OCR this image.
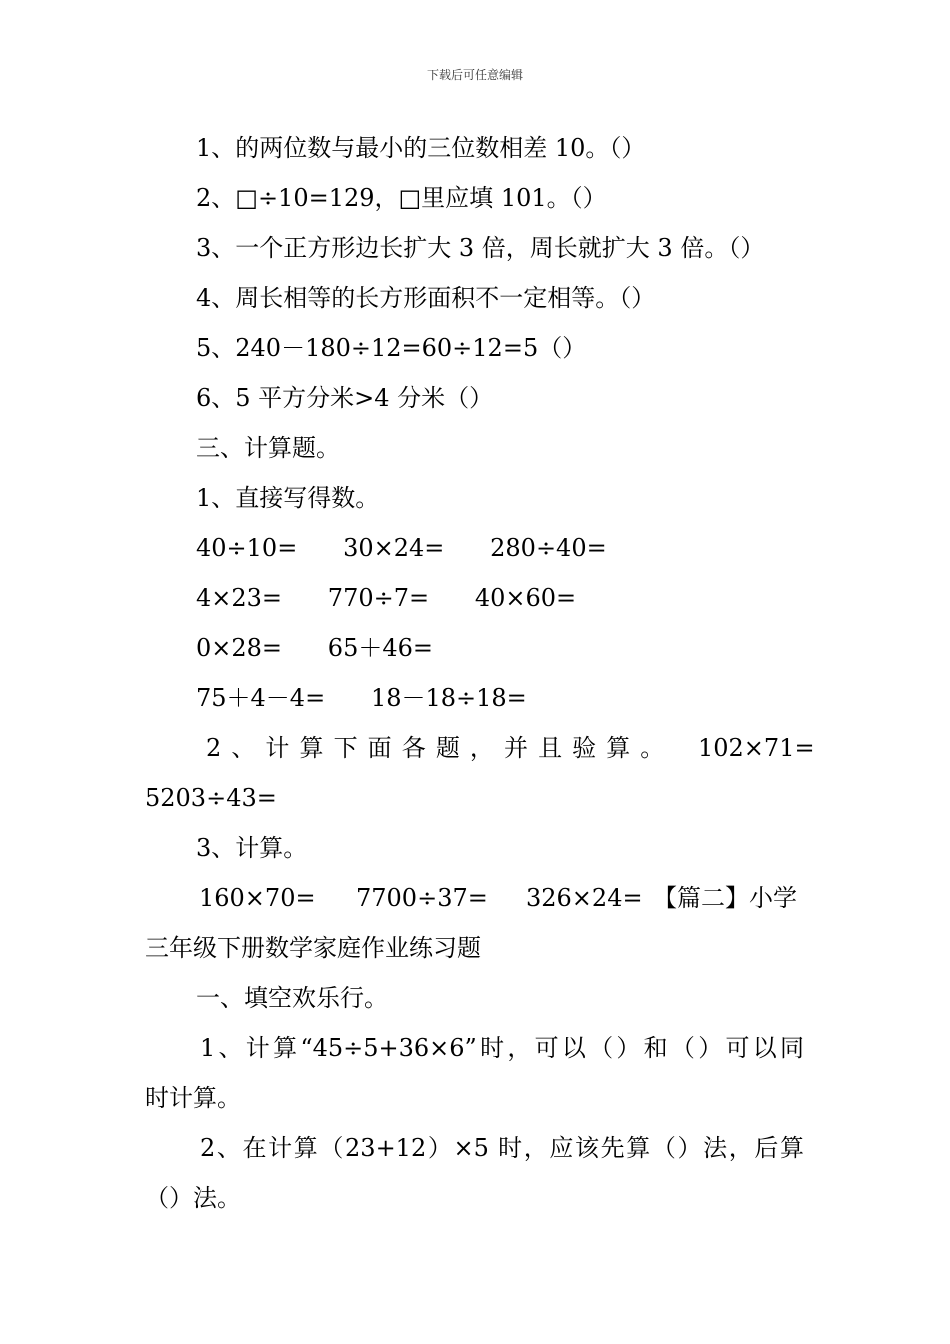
下载后可任意编辑
1、的两位数与最小的三位数相差 10。（）
2、□÷10=129，□里应填 101。（）
3、一个正方形边长扩大 3 倍，周长就扩大 3 倍。（）
4、周长相等的长方形面积不一定相等。（）
5、240－180÷12=60÷12=5（）
6、5 平方分米>4 分米（）
三、计算题。
1、直接写得数。
40÷10=      30×24=      280÷40=
4×23=      770÷7=      40×60=
0×28=      65＋46=
75＋4－4=      18－18÷18=
2、计算下面各题，并且验算。 102×71=
5203÷43=
3、计算。
160×70= 7700÷37= 326×24= 【篇二】小学
三年级下册数学家庭作业练习题
一、填空欢乐行。
1、计算“45÷5+36×6”时，可以（）和（）可以同
时计算。
2、在计算（23+12）×5 时，应该先算（）法，后算
（）法。
